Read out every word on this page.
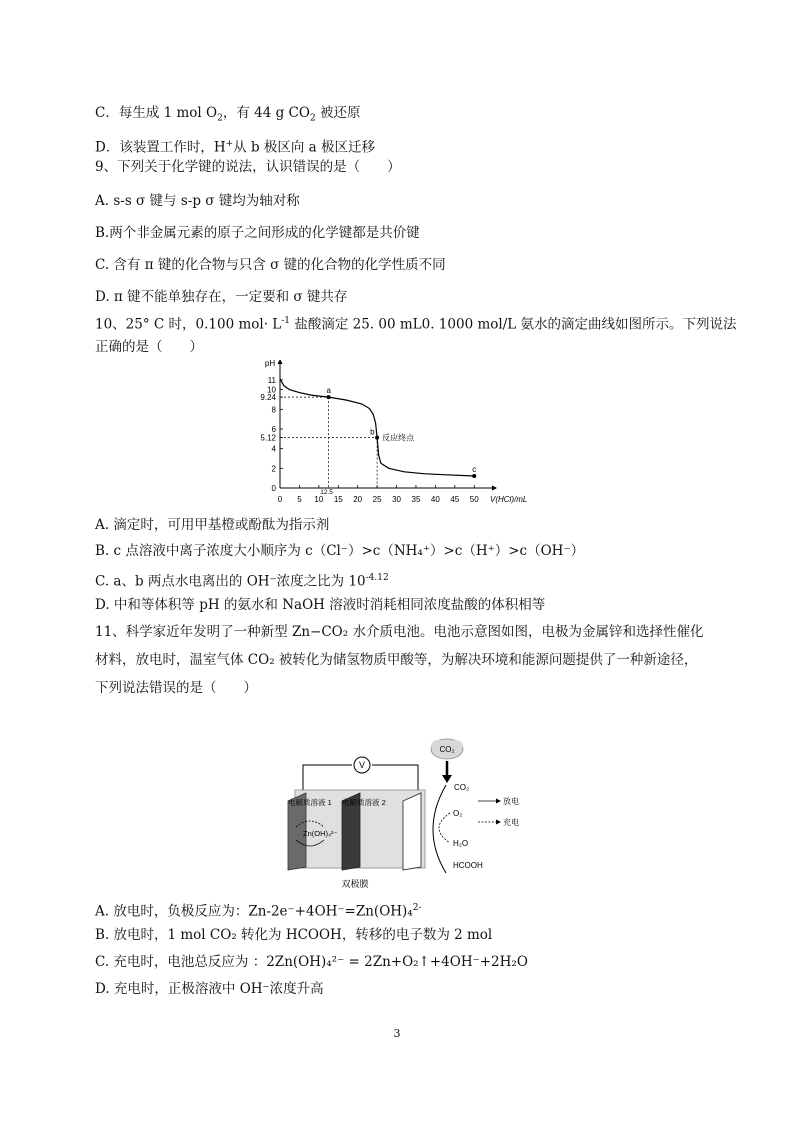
C．每生成 1 mol $O_2$，有 44 g $CO_2$ 被还原
D．该装置工作时，H+从 b 极区向 a 极区迁移
9、下列关于化学键的说法，认识错误的是（　　）
A. s-s σ 键与 s-p σ 键均为轴对称
B.两个非金属元素的原子之间形成的化学键都是共价键
C. 含有 π 键的化合物与只含 σ 键的化合物的化学性质不同
D. π 键不能单独存在，一定要和 σ 键共存
10、25° C 时，0.100 $mol\cdot L^{-1}$ 盐酸滴定 25. 00 mL0. 1000 mol/L 氨水的滴定曲线如图所示。下列说法
正确的是（　　）
pH
V(HCl)/mL
0 5 10 15 20 25 30 35 40 45 50
0
2
4
5.12
6
8
9.24
10
11
12.5
a
b
反应终点
c
A. 滴定时，可用甲基橙或酚酞为指示剂
B. c 点溶液中离子浓度大小顺序为 c（Cl⁻）>c（NH₄⁺）>c（H⁺）>c（OH⁻）
C. a、b 两点水电离出的 OH⁻浓度之比为 $10^{-4.12}$
D. 中和等体积等 pH 的氨水和 NaOH 溶液时消耗相同浓度盐酸的体积相等
11、科学家近年发明了一种新型 Zn−CO₂ 水介质电池。电池示意图如图，电极为金属锌和选择性催化
材料，放电时，温室气体 CO₂ 被转化为储氢物质甲酸等，为解决环境和能源问题提供了一种新途径，
下列说法错误的是（　　）
CO₂
V
电解质溶液 1 电解质溶液 2
Zn(OH)₄²⁻
CO₂
O₂
H₂O
HCOOH
放电
充电
双极膜
A. 放电时，负极反应为：Zn-2e⁻+4OH⁻=Zn(OH)₄$^{2-}$
B. 放电时，1 mol CO₂ 转化为 HCOOH，转移的电子数为 2 mol
C. 充电时，电池总反应为 ：2Zn(OH)₄²⁻ = 2Zn+O₂↑+4OH⁻+2H₂O
D. 充电时，正极溶液中 OH⁻浓度升高
3
